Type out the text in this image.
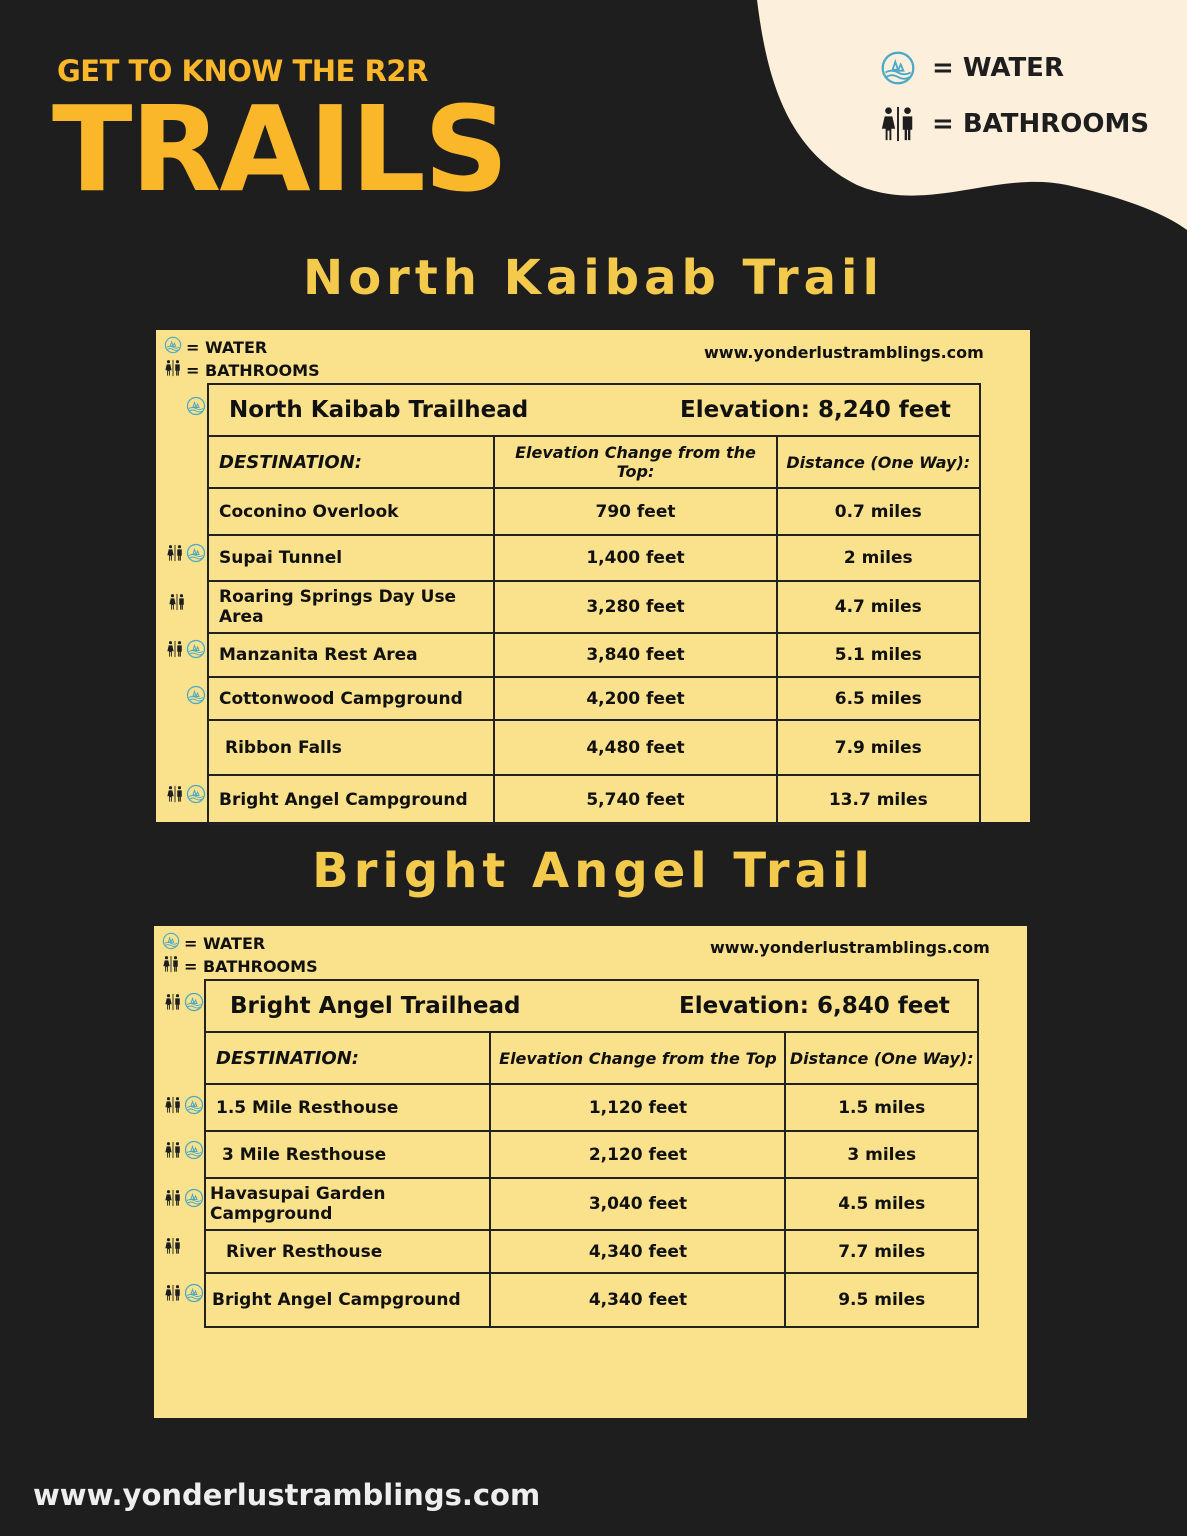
GET TO KNOW THE R2R
TRAILS
= WATER
= BATHROOMS
North Kaibab Trail
= WATER
= BATHROOMS
www.yonderlustramblings.com
North Kaibab Trailhead Elevation: 8,240 feet		

DESTINATION:	Elevation Change from the Top:	Distance (One Way):
Coconino Overlook	790 feet	0.7 miles
Supai Tunnel	1,400 feet	2 miles
Roaring Springs Day Use Area	3,280 feet	4.7 miles
Manzanita Rest Area	3,840 feet	5.1 miles
Cottonwood Campground	4,200 feet	6.5 miles
Ribbon Falls	4,480 feet	7.9 miles
Bright Angel Campground	5,740 feet	13.7 miles
Bright Angel Trail
= WATER
= BATHROOMS
www.yonderlustramblings.com
Bright Angel Trailhead Elevation: 6,840 feet		

DESTINATION:	Elevation Change from the Top	Distance (One Way):
1.5 Mile Resthouse	1,120 feet	1.5 miles
3 Mile Resthouse	2,120 feet	3 miles
Havasupai Garden Campground	3,040 feet	4.5 miles
River Resthouse	4,340 feet	7.7 miles
Bright Angel Campground	4,340 feet	9.5 miles
www.yonderlustramblings.com
